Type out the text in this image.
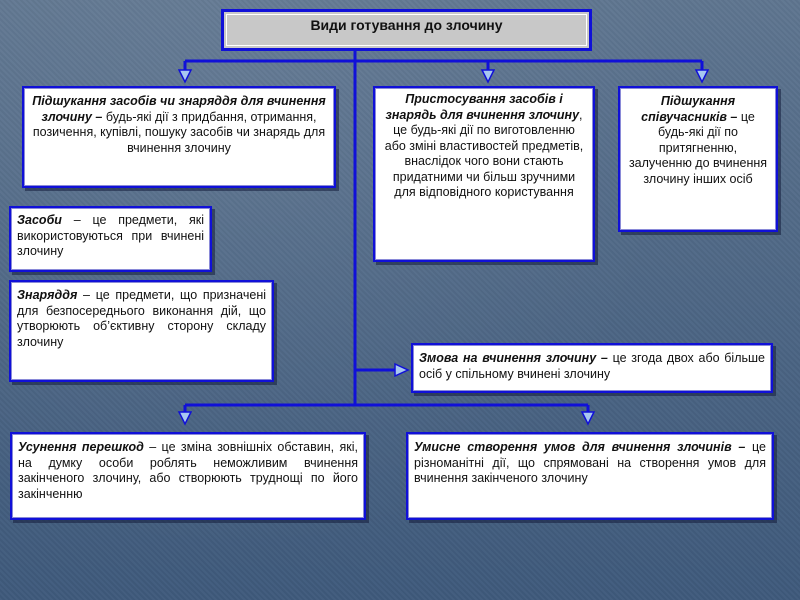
Види готування до злочину
Підшукання засобів чи знаряддя для вчинення злочину – будь-які дії з придбання, отримання, позичення, купівлі, пошуку засобів чи знарядь для вчинення злочину
Пристосування засобів і знарядь для вчинення злочину, це будь-які дії по виготовленню або зміні властивостей предметів, внаслідок чого вони стають придатними чи більш зручними для відповідного користування
Підшукання співучасників – це будь-які дії по притягненню, залученню до вчинення злочину інших осіб
Засоби – це предмети, які використовуються при вчинені злочину
Знаряддя – це предмети, що призначені для безпосереднього виконання дій, що утворюють об’єктивну сторону складу злочину
Змова на вчинення злочину – це згода двох або більше осіб у спільному вчинені злочину
Усунення перешкод – це зміна зовнішніх обставин, які, на думку особи роблять неможливим вчинення закінченого злочину, або створюють труднощі по його закінченню
Умисне створення умов для вчинення злочинів – це різноманітні дії, що спрямовані на створення умов для вчинення закінченого злочину
